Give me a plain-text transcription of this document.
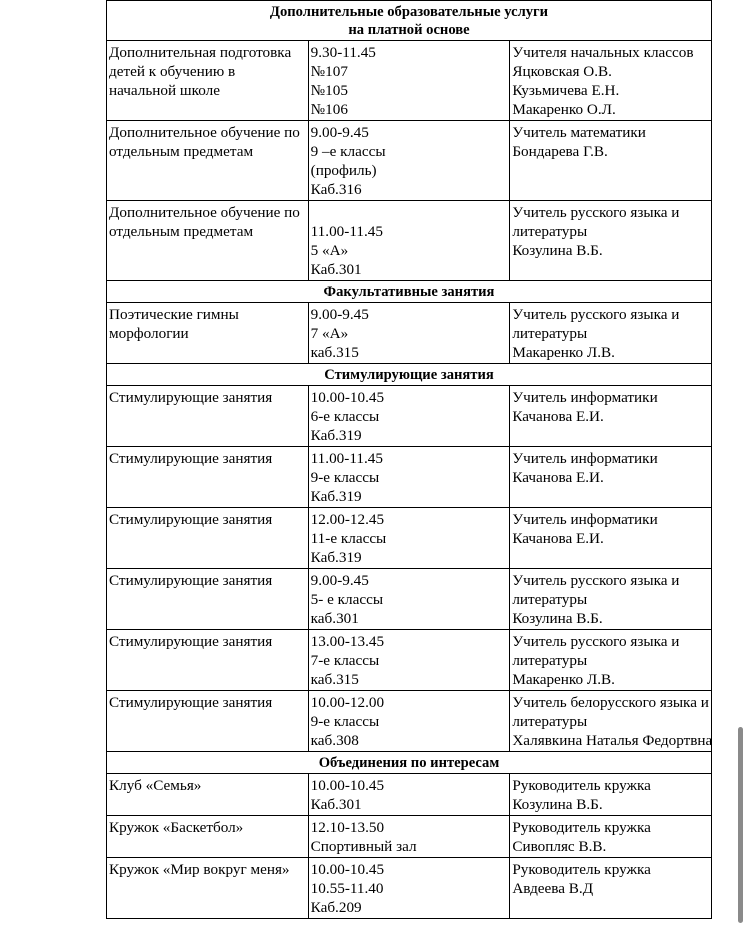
Дополнительные образовательные услуги
на платной основе		

Дополнительная подготовка детей к обучению в начальной школе	9.30-11.45
№107
№105
№106	Учителя начальных классов
Яцковская О.В.
Кузьмичева Е.Н.
Макаренко О.Л.

Дополнительное обучение по отдельным предметам	9.00-9.45
9 –е классы
(профиль)
Каб.316	Учитель математики
Бондарева Г.В.

Дополнительное обучение по отдельным предметам	11.00-11.45
5 «А»
Каб.301	Учитель русского языка и
литературы
Козулина В.Б.

Факультативные занятия		

Поэтические гимны морфологии	9.00-9.45
7 «А»
каб.315	Учитель русского языка и
литературы
Макаренко Л.В.

Стимулирующие занятия		

Стимулирующие занятия	10.00-10.45
6-е классы
Каб.319	Учитель информатики
Качанова Е.И.

Стимулирующие занятия	11.00-11.45
9-е классы
Каб.319	Учитель информатики
Качанова Е.И.

Стимулирующие занятия	12.00-12.45
11-е классы
Каб.319	Учитель информатики
Качанова Е.И.

Стимулирующие занятия	9.00-9.45
5- е классы
каб.301	Учитель русского языка и
литературы
Козулина В.Б.

Стимулирующие занятия	13.00-13.45
7-е классы
каб.315	Учитель русского языка и
литературы
Макаренко Л.В.

Стимулирующие занятия	10.00-12.00
9-е классы
каб.308	Учитель белорусского языка и
литературы
Халявкина Наталья Федортвна

Объединения по интересам		

Клуб «Семья»	10.00-10.45
Каб.301	Руководитель кружка
Козулина В.Б.

Кружок «Баскетбол»	12.10-13.50
Спортивный зал	Руководитель кружка
Сивопляс В.В.

Кружок «Мир вокруг меня»	10.00-10.45
10.55-11.40
Каб.209	Руководитель кружка
Авдеева В.Д
